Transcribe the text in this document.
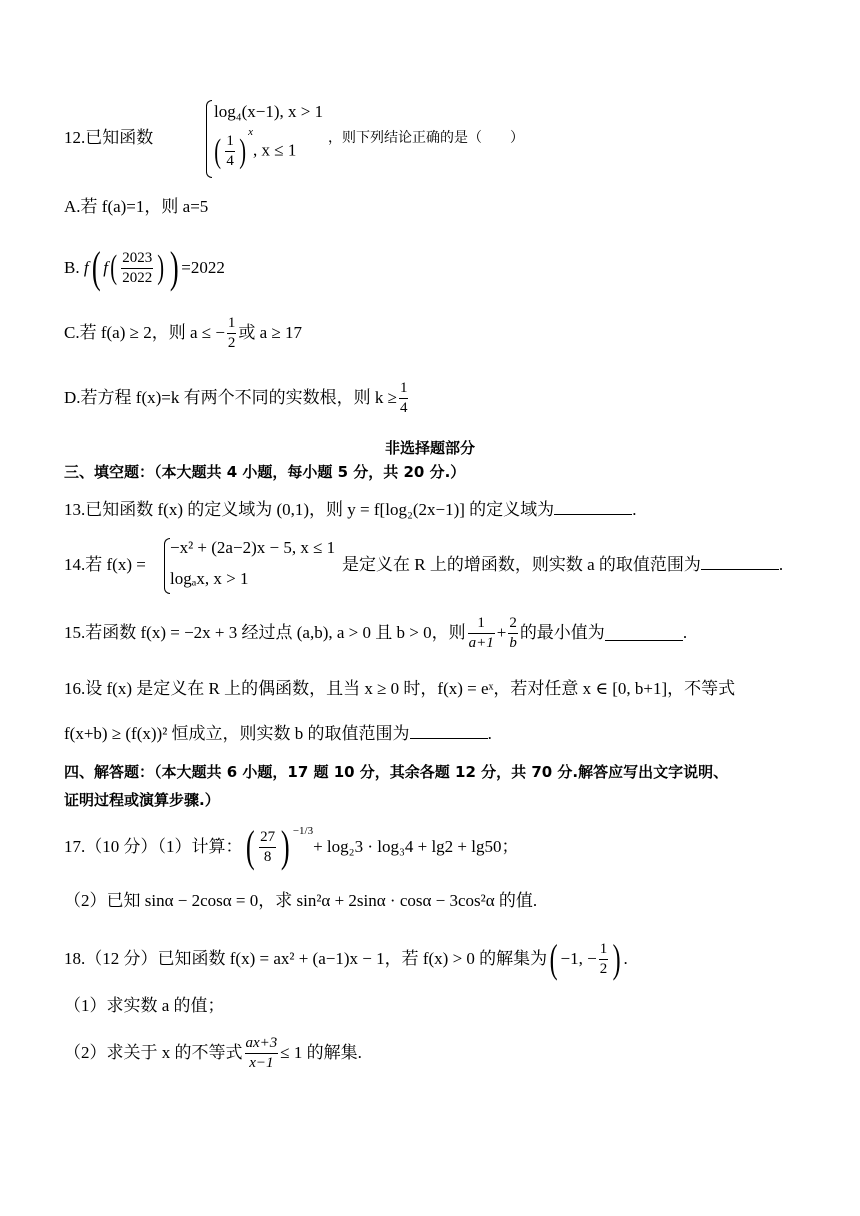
12.已知函数
log₄(x−1), x > 1
( $\frac{1}{4} )^x$, x ≤ 1
，则下列结论正确的是（　　）
A.若 f(a)=1，则 a=5
B. f ( f ( $\frac{2023}{2022}$ ) ) =2022
C.若 f(a) ≥ 2，则 a ≤ − $\frac{1}{2}$ 或 a ≥ 17
D.若方程 f(x)=k 有两个不同的实数根，则 $k \ge \frac{1}{4}$
非选择题部分
三、填空题：（本大题共 4 小题，每小题 5 分，共 20 分.）
13.已知函数 f(x) 的定义域为 (0,1)，则 y = f[log₂(2x−1)] 的定义域为	.
14.若 f(x) =
−x² + (2a−2)x − 5, x ≤ 1
logₐx, x > 1
是定义在 R 上的增函数，则实数 a 的取值范围为	.
15.若函数 f(x) = −2x + 3 经过点 (a,b), a > 0 且 b > 0，则 $\frac{1}{a+1} + \frac{2}{b}$ 的最小值为	.
16.设 f(x) 是定义在 R 上的偶函数，且当 x ≥ 0 时，f(x) = eˣ，若对任意 x ∈ [0, b+1]，不等式
f(x+b) ≥ (f(x))² 恒成立，则实数 b 的取值范围为	.
四、解答题：（本大题共 6 小题，17 题 10 分，其余各题 12 分，共 70 分.解答应写出文字说明、
证明过程或演算步骤.）
17.（10 分）（1）计算： ( $\frac{27}{8}$ ) $^{-1/3}$
+ log₂3 · log₃4 + lg2 + lg50；
（2）已知 sinα − 2cosα = 0，求 sin²α + 2sinα · cosα − 3cos²α 的值.
18.（12 分）已知函数 f(x) = ax² + (a−1)x − 1，若 f(x) > 0 的解集为 ( −1, − $\frac{1}{2}$ ) .
（1）求实数 a 的值；
（2）求关于 x 的不等式 $\frac{ax+3}{x-1} \le 1$ 的解集.
